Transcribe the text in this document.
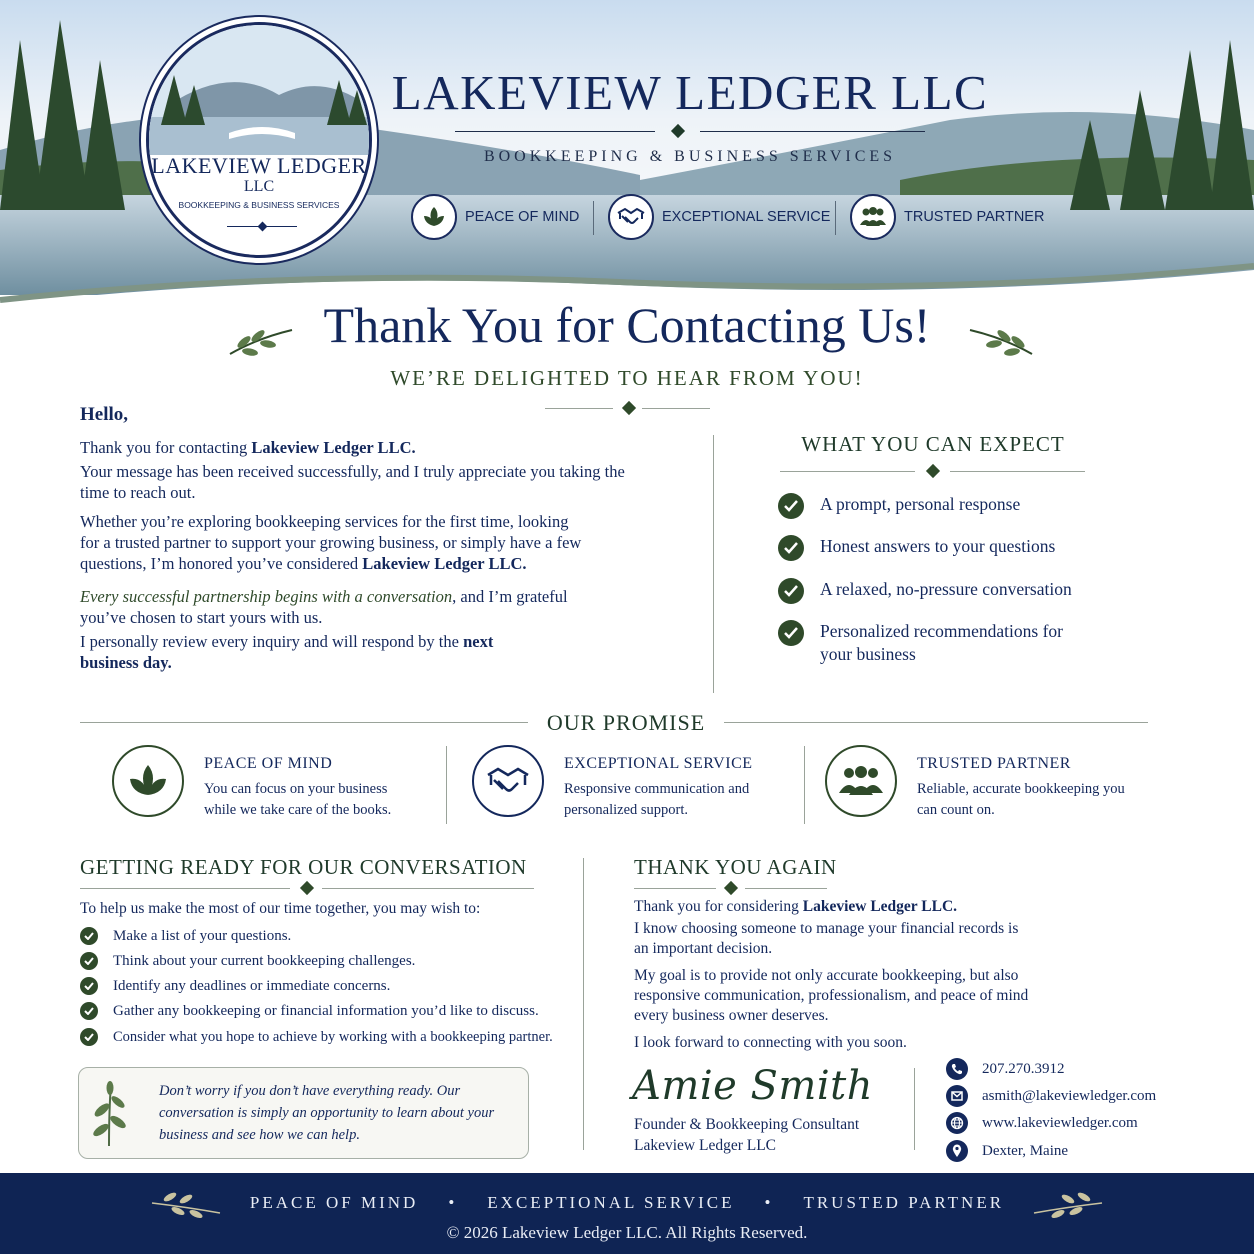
LAKEVIEW LEDGER
LLC
BOOKKEEPING & BUSINESS SERVICES
LAKEVIEW LEDGER LLC
BOOKKEEPING & BUSINESS SERVICES
PEACE OF MIND	EXCEPTIONAL SERVICE	TRUSTED PARTNER
Thank You for Contacting Us!
WE’RE DELIGHTED TO HEAR FROM YOU!

Hello,

Thank you for contacting Lakeview Ledger LLC.

Your message has been received successfully, and I truly appreciate you taking the time to reach out.

Whether you’re exploring bookkeeping services for the first time, looking for a trusted partner to support your growing business, or simply have a few questions, I’m honored you’ve considered Lakeview Ledger LLC.

Every successful partnership begins with a conversation, and I’m grateful you’ve chosen to start yours with us.

I personally review every inquiry and will respond by the next business day.

WHAT YOU CAN EXPECT
A prompt, personal response
Honest answers to your questions
A relaxed, no-pressure conversation
Personalized recommendations for your business
OUR PROMISE
PEACE OF MIND
You can focus on your business while we take care of the books.
EXCEPTIONAL SERVICE
Responsive communication and personalized support.
TRUSTED PARTNER
Reliable, accurate bookkeeping you can count on.
GETTING READY FOR OUR CONVERSATION
To help us make the most of our time together, you may wish to:
Make a list of your questions.
Think about your current bookkeeping challenges.
Identify any deadlines or immediate concerns.
Gather any bookkeeping or financial information you’d like to discuss.
Consider what you hope to achieve by working with a bookkeeping partner.
Don’t worry if you don’t have everything ready. Our conversation is simply an opportunity to learn about your business and see how we can help.
THANK YOU AGAIN

Thank you for considering Lakeview Ledger LLC.

I know choosing someone to manage your financial records is an important decision.

My goal is to provide not only accurate bookkeeping, but also responsive communication, professionalism, and peace of mind every business owner deserves.

I look forward to connecting with you soon.

Amie Smith
Founder & Bookkeeping Consultant
Lakeview Ledger LLC
207.270.3912
asmith@lakeviewledger.com
www.lakeviewledger.com
Dexter, Maine
PEACE OF MIND • EXCEPTIONAL SERVICE • TRUSTED PARTNER
© 2026 Lakeview Ledger LLC. All Rights Reserved.
